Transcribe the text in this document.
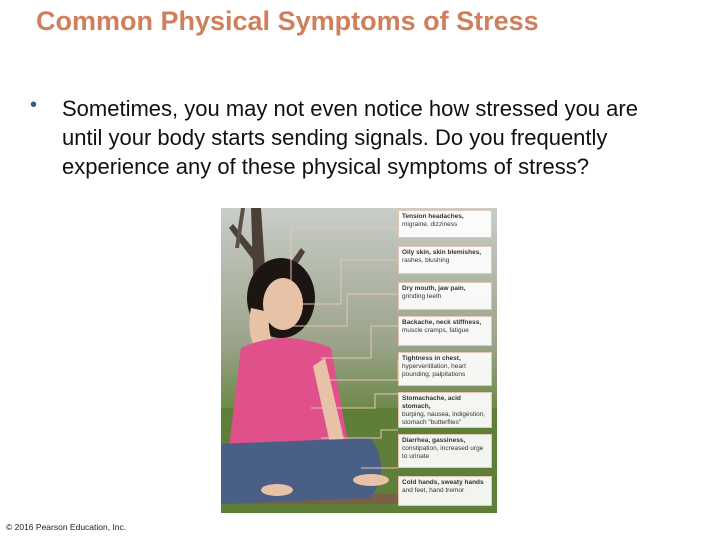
Common Physical Symptoms of Stress
• Sometimes, you may not even notice how stressed you are until your body starts sending signals. Do you frequently experience any of these physical symptoms of stress?
Tension headaches,
migraine, dizziness
Oily skin, skin blemishes,
rashes, blushing
Dry mouth, jaw pain,
grinding teeth
Backache, neck stiffness,
muscle cramps, fatigue
Tightness in chest,
hyperventilation, heart pounding, palpitations
Stomachache, acid stomach,
burping, nausea, indigestion, stomach "butterflies"
Diarrhea, gassiness,
constipation, increased urge to urinate
Cold hands, sweaty hands
and feet, hand tremor
© 2016 Pearson Education, Inc.
